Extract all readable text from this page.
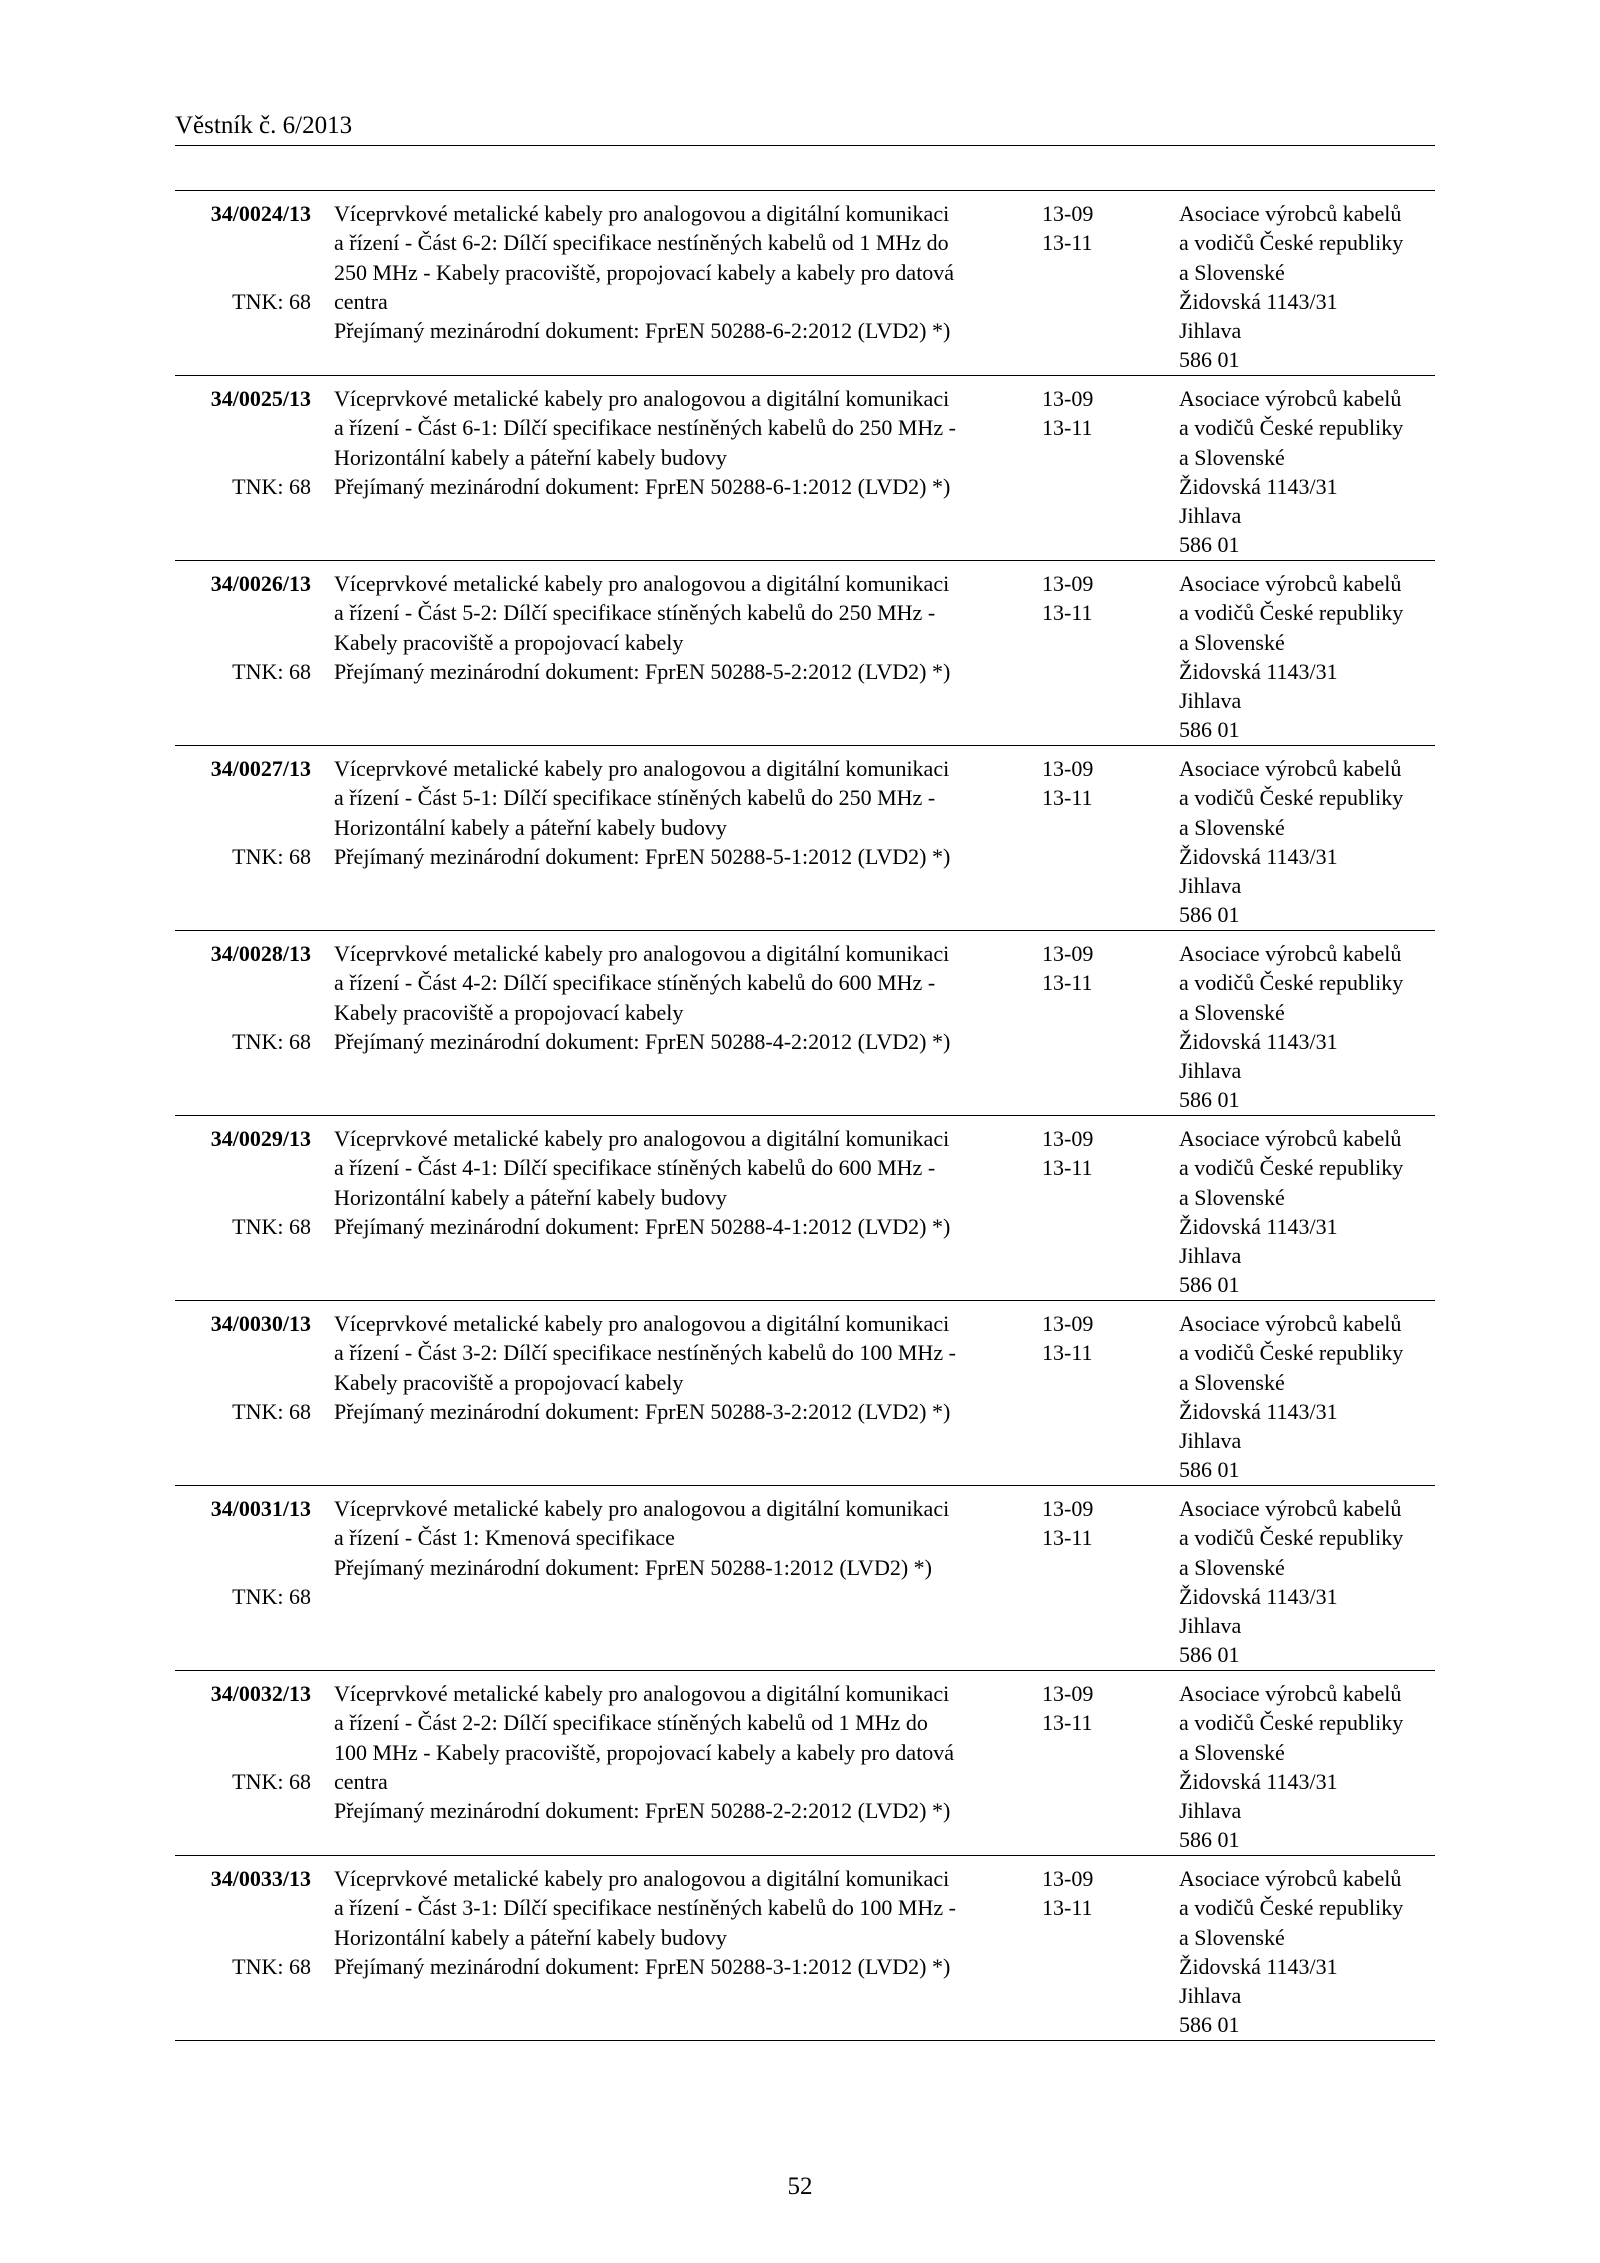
Věstník č. 6/2013
34/0024/13
TNK: 68
Víceprvkové metalické kabely pro analogovou a digitální komunikaci
a řízení - Část 6-2: Dílčí specifikace nestíněných kabelů od 1 MHz do
250 MHz - Kabely pracoviště, propojovací kabely a kabely pro datová
centra
Přejímaný mezinárodní dokument: FprEN 50288-6-2:2012 (LVD2) *)
13-09
13-11
Asociace výrobců kabelů
a vodičů České republiky
a Slovenské
Židovská 1143/31
Jihlava
586 01
34/0025/13
TNK: 68
Víceprvkové metalické kabely pro analogovou a digitální komunikaci
a řízení - Část 6-1: Dílčí specifikace nestíněných kabelů do 250 MHz -
Horizontální kabely a páteřní kabely budovy
Přejímaný mezinárodní dokument: FprEN 50288-6-1:2012 (LVD2) *)
13-09
13-11
Asociace výrobců kabelů
a vodičů České republiky
a Slovenské
Židovská 1143/31
Jihlava
586 01
34/0026/13
TNK: 68
Víceprvkové metalické kabely pro analogovou a digitální komunikaci
a řízení - Část 5-2: Dílčí specifikace stíněných kabelů do 250 MHz -
Kabely pracoviště a propojovací kabely
Přejímaný mezinárodní dokument: FprEN 50288-5-2:2012 (LVD2) *)
13-09
13-11
Asociace výrobců kabelů
a vodičů České republiky
a Slovenské
Židovská 1143/31
Jihlava
586 01
34/0027/13
TNK: 68
Víceprvkové metalické kabely pro analogovou a digitální komunikaci
a řízení - Část 5-1: Dílčí specifikace stíněných kabelů do 250 MHz -
Horizontální kabely a páteřní kabely budovy
Přejímaný mezinárodní dokument: FprEN 50288-5-1:2012 (LVD2) *)
13-09
13-11
Asociace výrobců kabelů
a vodičů České republiky
a Slovenské
Židovská 1143/31
Jihlava
586 01
34/0028/13
TNK: 68
Víceprvkové metalické kabely pro analogovou a digitální komunikaci
a řízení - Část 4-2: Dílčí specifikace stíněných kabelů do 600 MHz -
Kabely pracoviště a propojovací kabely
Přejímaný mezinárodní dokument: FprEN 50288-4-2:2012 (LVD2) *)
13-09
13-11
Asociace výrobců kabelů
a vodičů České republiky
a Slovenské
Židovská 1143/31
Jihlava
586 01
34/0029/13
TNK: 68
Víceprvkové metalické kabely pro analogovou a digitální komunikaci
a řízení - Část 4-1: Dílčí specifikace stíněných kabelů do 600 MHz -
Horizontální kabely a páteřní kabely budovy
Přejímaný mezinárodní dokument: FprEN 50288-4-1:2012 (LVD2) *)
13-09
13-11
Asociace výrobců kabelů
a vodičů České republiky
a Slovenské
Židovská 1143/31
Jihlava
586 01
34/0030/13
TNK: 68
Víceprvkové metalické kabely pro analogovou a digitální komunikaci
a řízení - Část 3-2: Dílčí specifikace nestíněných kabelů do 100 MHz -
Kabely pracoviště a propojovací kabely
Přejímaný mezinárodní dokument: FprEN 50288-3-2:2012 (LVD2) *)
13-09
13-11
Asociace výrobců kabelů
a vodičů České republiky
a Slovenské
Židovská 1143/31
Jihlava
586 01
34/0031/13
TNK: 68
Víceprvkové metalické kabely pro analogovou a digitální komunikaci
a řízení - Část 1: Kmenová specifikace
Přejímaný mezinárodní dokument: FprEN 50288-1:2012 (LVD2) *)
13-09
13-11
Asociace výrobců kabelů
a vodičů České republiky
a Slovenské
Židovská 1143/31
Jihlava
586 01
34/0032/13
TNK: 68
Víceprvkové metalické kabely pro analogovou a digitální komunikaci
a řízení - Část 2-2: Dílčí specifikace stíněných kabelů od 1 MHz do
100 MHz - Kabely pracoviště, propojovací kabely a kabely pro datová
centra
Přejímaný mezinárodní dokument: FprEN 50288-2-2:2012 (LVD2) *)
13-09
13-11
Asociace výrobců kabelů
a vodičů České republiky
a Slovenské
Židovská 1143/31
Jihlava
586 01
34/0033/13
TNK: 68
Víceprvkové metalické kabely pro analogovou a digitální komunikaci
a řízení - Část 3-1: Dílčí specifikace nestíněných kabelů do 100 MHz -
Horizontální kabely a páteřní kabely budovy
Přejímaný mezinárodní dokument: FprEN 50288-3-1:2012 (LVD2) *)
13-09
13-11
Asociace výrobců kabelů
a vodičů České republiky
a Slovenské
Židovská 1143/31
Jihlava
586 01
52
